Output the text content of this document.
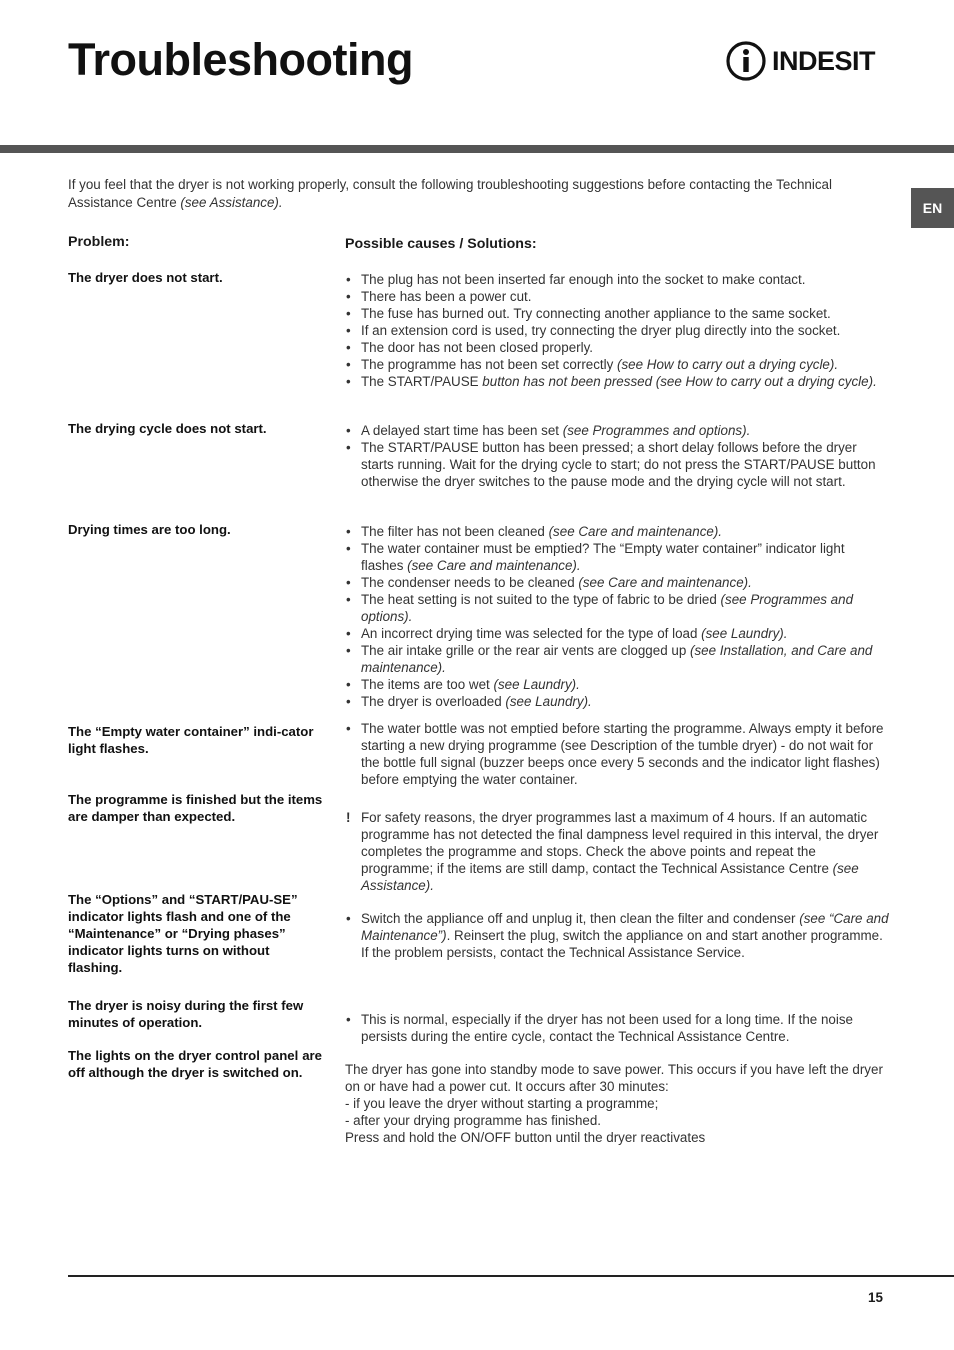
Troubleshooting	INDESIT
EN

If you feel that the dryer is not working properly, consult the following troubleshooting suggestions before contacting the Technical Assistance Centre (see Assistance).

Problem:	Possible causes / Solutions:

The dryer does not start.

The drying cycle does not start.

Drying times are too long.

The “Empty water container” indi-cator light flashes.

The programme is finished but the items are damper than expected.

The “Options” and “START/PAU-SE” indicator lights flash and one of the “Maintenance” or “Drying phases” indicator lights turns on without flashing.

The dryer is noisy during the first few minutes of operation.

The lights on the dryer control panel are off although the dryer is switched on.

• The plug has not been inserted far enough into the socket to make contact.
• There has been a power cut.
• The fuse has burned out. Try connecting another appliance to the same socket.
• If an extension cord is used, try connecting the dryer plug directly into the socket.
• The door has not been closed properly.
• The programme has not been set correctly (see How to carry out a drying cycle).
• The START/PAUSE button has not been pressed (see How to carry out a drying cycle).
• A delayed start time has been set (see Programmes and options).
• The START/PAUSE button has been pressed; a short delay follows before the dryer starts running. Wait for the drying cycle to start; do not press the START/PAUSE button otherwise the dryer switches to the pause mode and the drying cycle will not start.
• The filter has not been cleaned (see Care and maintenance).
• The water container must be emptied? The “Empty water container” indicator light flashes (see Care and maintenance).
• The condenser needs to be cleaned (see Care and maintenance).
• The heat setting is not suited to the type of fabric to be dried (see Programmes and options).
• An incorrect drying time was selected for the type of load (see Laundry).
• The air intake grille or the rear air vents are clogged up (see Installation, and Care and maintenance).
• The items are too wet (see Laundry).
• The dryer is overloaded (see Laundry).
• The water bottle was not emptied before starting the programme. Always empty it before starting a new drying programme (see Description of the tumble dryer) - do not wait for the bottle full signal (buzzer beeps once every 5 seconds and the indicator light flashes) before emptying the water container.
! For safety reasons, the dryer programmes last a maximum of 4 hours. If an automatic programme has not detected the final dampness level required in this interval, the dryer completes the programme and stops. Check the above points and repeat the programme; if the items are still damp, contact the Technical Assistance Centre (see Assistance).
• Switch the appliance off and unplug it, then clean the filter and condenser (see “Care and Maintenance”). Reinsert the plug, switch the appliance on and start another programme.
If the problem persists, contact the Technical Assistance Service.
• This is normal, especially if the dryer has not been used for a long time. If the noise persists during the entire cycle, contact the Technical Assistance Centre.
The dryer has gone into standby mode to save power. This occurs if you have left the dryer on or have had a power cut. It occurs after 30 minutes:
- if you leave the dryer without starting a programme;
- after your drying programme has finished.
Press and hold the ON/OFF button until the dryer reactivates

15
